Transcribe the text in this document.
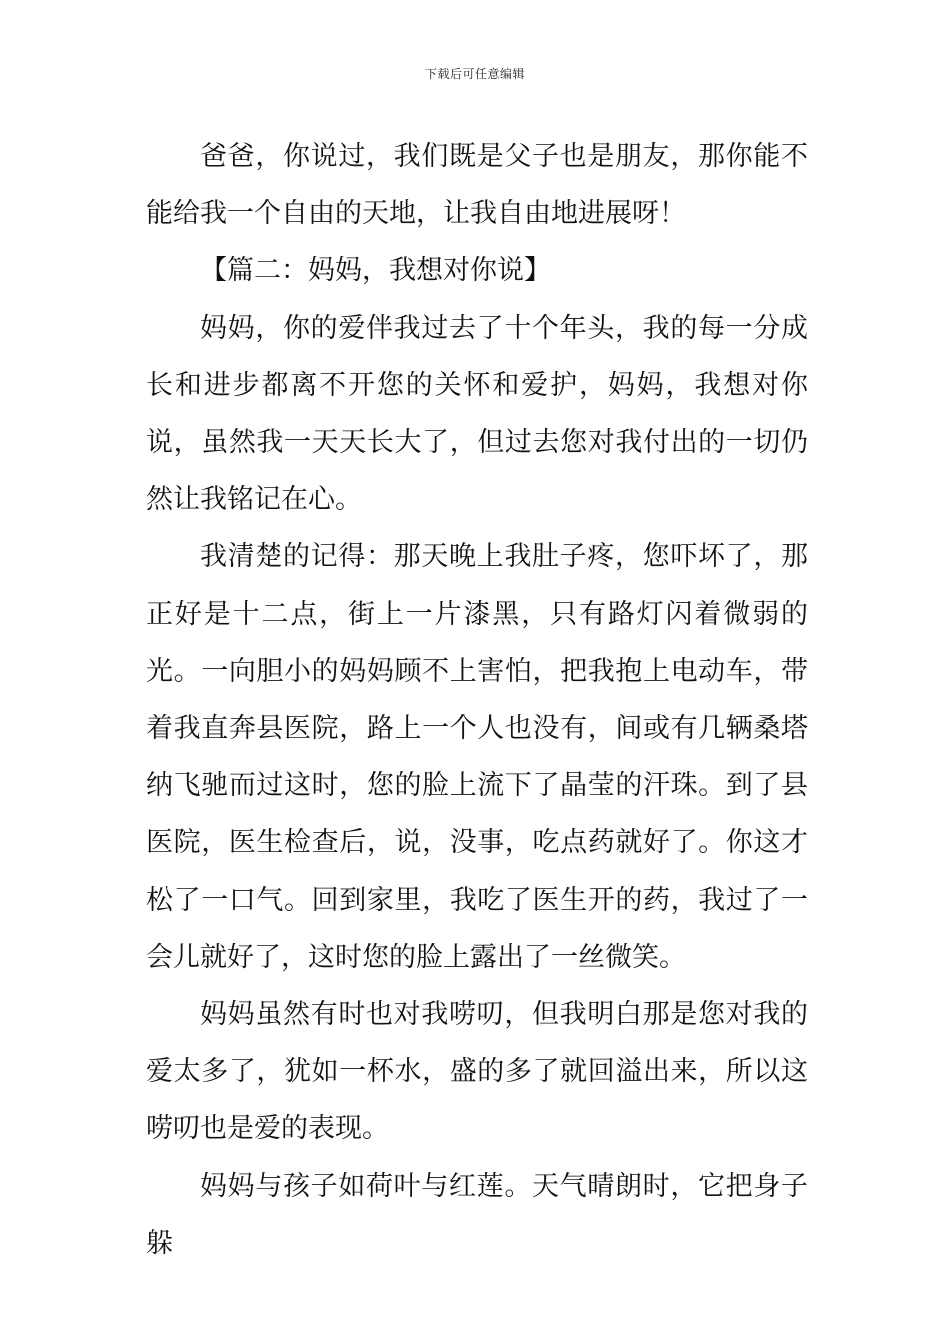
下载后可任意编辑

爸爸，你说过，我们既是父子也是朋友，那你能不能给我一个自由的天地，让我自由地进展呀！

【篇二：妈妈，我想对你说】

妈妈，你的爱伴我过去了十个年头，我的每一分成长和进步都离不开您的关怀和爱护，妈妈，我想对你说，虽然我一天天长大了，但过去您对我付出的一切仍然让我铭记在心。

我清楚的记得：那天晚上我肚子疼，您吓坏了，那正好是十二点，街上一片漆黑，只有路灯闪着微弱的光。一向胆小的妈妈顾不上害怕，把我抱上电动车，带着我直奔县医院，路上一个人也没有，间或有几辆桑塔纳飞驰而过这时，您的脸上流下了晶莹的汗珠。到了县医院，医生检查后，说，没事，吃点药就好了。你这才松了一口气。回到家里，我吃了医生开的药，我过了一会儿就好了，这时您的脸上露出了一丝微笑。

妈妈虽然有时也对我唠叨，但我明白那是您对我的爱太多了，犹如一杯水，盛的多了就回溢出来，所以这唠叨也是爱的表现。

妈妈与孩子如荷叶与红莲。天气晴朗时，它把身子躲
